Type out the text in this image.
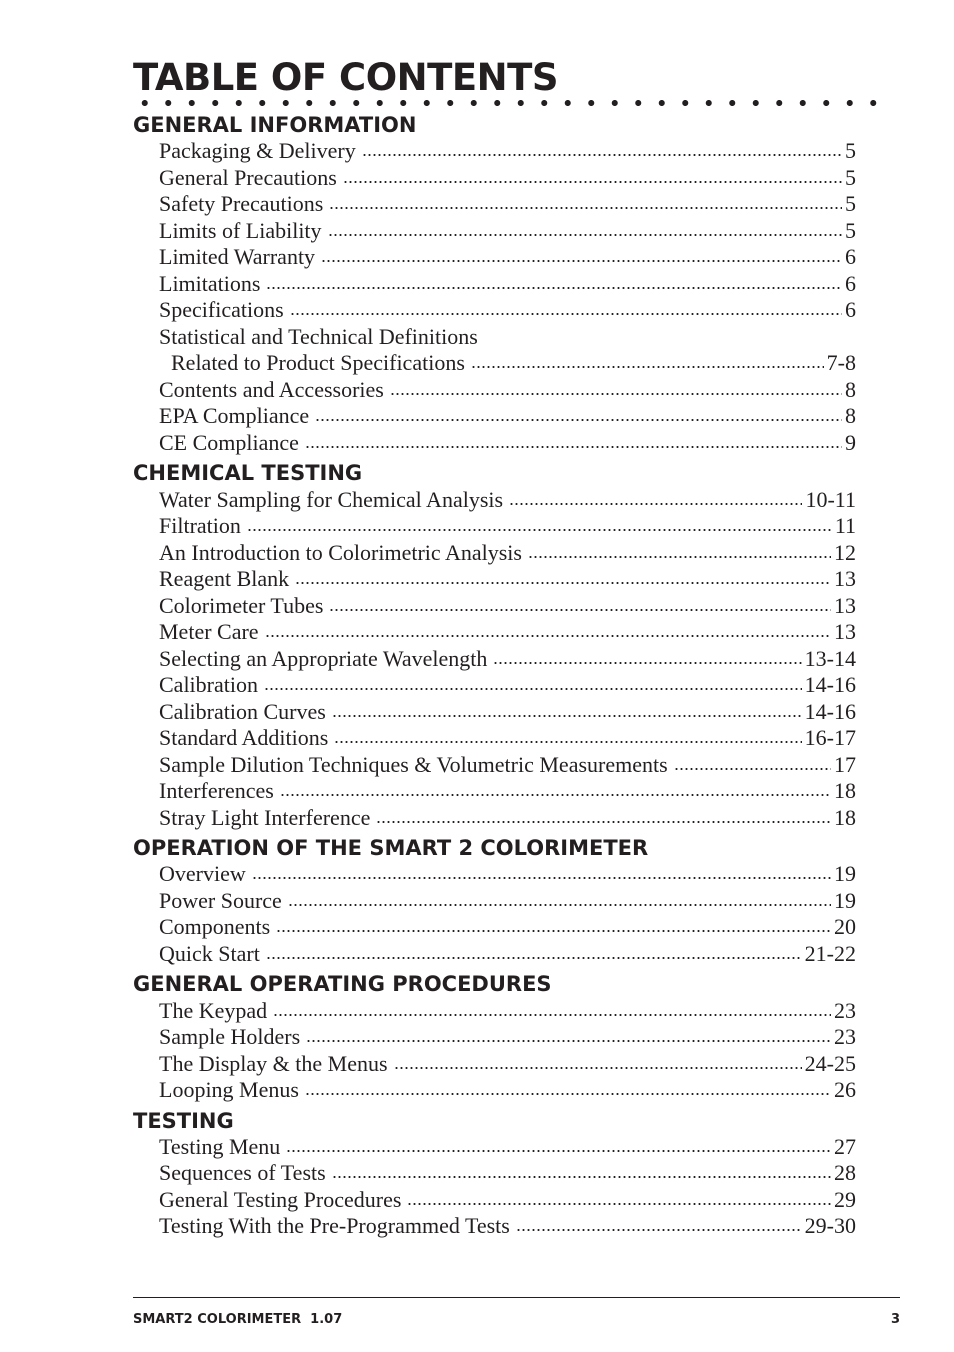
TABLE OF CONTENTS
GENERAL INFORMATION
Packaging & Delivery	5
General Precautions	5
Safety Precautions	5
Limits of Liability	5
Limited Warranty	6
Limitations	6
Specifications	6
Statistical and Technical Definitions
Related to Product Specifications	7-8
Contents and Accessories	8
EPA Compliance	8
CE Compliance	9
CHEMICAL TESTING
Water Sampling for Chemical Analysis	10-11
Filtration	11
An Introduction to Colorimetric Analysis	12
Reagent Blank	13
Colorimeter Tubes	13
Meter Care	13
Selecting an Appropriate Wavelength	13-14
Calibration	14-16
Calibration Curves	14-16
Standard Additions	16-17
Sample Dilution Techniques & Volumetric Measurements	17
Interferences	18
Stray Light Interference	18
OPERATION OF THE SMART 2 COLORIMETER
Overview	19
Power Source	19
Components	20
Quick Start	21-22
GENERAL OPERATING PROCEDURES
The Keypad	23
Sample Holders	23
The Display & the Menus	24-25
Looping Menus	26
TESTING
Testing Menu	27
Sequences of Tests	28
General Testing Procedures	29
Testing With the Pre-Programmed Tests	29-30
SMART2 COLORIMETER  1.07	3
